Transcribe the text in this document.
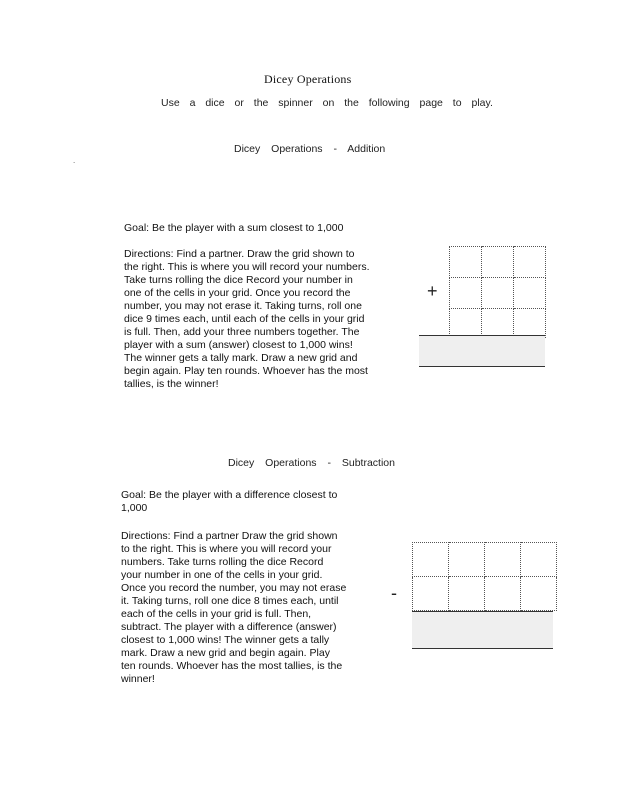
Dicey Operations
Use a dice or the spinner on the following page to play.
Dicey Operations - Addition
.
Goal: Be the player with a sum closest to 1,000
Directions: Find a partner. Draw the grid shown to
the right. This is where you will record your numbers.
Take turns rolling the dice Record your number in
one of the cells in your grid. Once you record the
number, you may not erase it. Taking turns, roll one
dice 9 times each, until each of the cells in your grid
is full. Then, add your three numbers together. The
player with a sum (answer) closest to 1,000 wins!
The winner gets a tally mark. Draw a new grid and
begin again. Play ten rounds. Whoever has the most
tallies, is the winner!

+
Dicey Operations - Subtraction
Goal: Be the player with a difference closest to
1,000
Directions: Find a partner Draw the grid shown
to the right. This is where you will record your
numbers. Take turns rolling the dice Record
your number in one of the cells in your grid.
Once you record the number, you may not erase
it. Taking turns, roll one dice 8 times each, until
each of the cells in your grid is full. Then,
subtract. The player with a difference (answer)
closest to 1,000 wins! The winner gets a tally
mark. Draw a new grid and begin again. Play
ten rounds. Whoever has the most tallies, is the
winner!

-
